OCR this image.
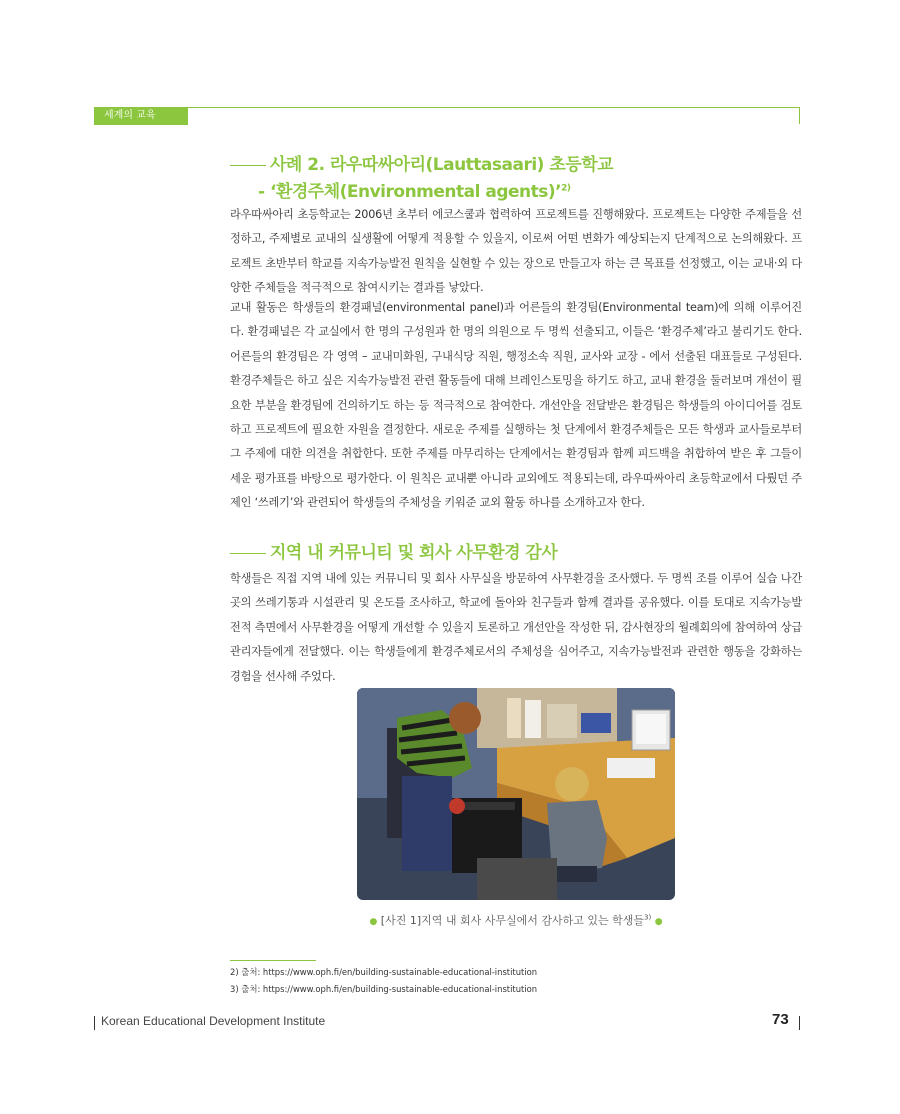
세계의 교육
사례 2. 라우따싸아리(Lauttasaari) 초등학교
- ‘환경주체(Environmental agents)’$^{2)}$
라우따싸아리 초등학교는 2006년 초부터 에코스쿨과 협력하여 프로젝트를 진행해왔다. 프로젝트는 다양한 주제들을 선정하고, 주제별로 교내의 실생활에 어떻게 적용할 수 있을지, 이로써 어떤 변화가 예상되는지 단계적으로 논의해왔다. 프로젝트 초반부터 학교를 지속가능발전 원칙을 실현할 수 있는 장으로 만들고자 하는 큰 목표를 선정했고, 이는 교내·외 다양한 주체들을 적극적으로 참여시키는 결과를 낳았다.
교내 활동은 학생들의 환경패널(environmental panel)과 어른들의 환경팀(Environmental team)에 의해 이루어진다. 환경패널은 각 교실에서 한 명의 구성원과 한 명의 의원으로 두 명씩 선출되고, 이들은 ‘환경주체’라고 불리기도 한다. 어른들의 환경팀은 각 영역 – 교내미화원, 구내식당 직원, 행정소속 직원, 교사와 교장 - 에서 선출된 대표들로 구성된다. 환경주체들은 하고 싶은 지속가능발전 관련 활동들에 대해 브레인스토밍을 하기도 하고, 교내 환경을 둘러보며 개선이 필요한 부분을 환경팀에 건의하기도 하는 등 적극적으로 참여한다. 개선안을 전달받은 환경팀은 학생들의 아이디어를 검토하고 프로젝트에 필요한 자원을 결정한다. 새로운 주제를 실행하는 첫 단계에서 환경주체들은 모든 학생과 교사들로부터 그 주제에 대한 의견을 취합한다. 또한 주제를 마무리하는 단계에서는 환경팀과 함께 피드백을 취합하여 받은 후 그들이 세운 평가표를 바탕으로 평가한다. 이 원칙은 교내뿐 아니라 교외에도 적용되는데, 라우따싸아리 초등학교에서 다뤘던 주제인 ‘쓰레기’와 관련되어 학생들의 주체성을 키워준 교외 활동 하나를 소개하고자 한다.
지역 내 커뮤니티 및 회사 사무환경 감사
학생들은 직접 지역 내에 있는 커뮤니티 및 회사 사무실을 방문하여 사무환경을 조사했다. 두 명씩 조를 이루어 실습 나간 곳의 쓰레기통과 시설관리 및 온도를 조사하고, 학교에 돌아와 친구들과 함께 결과를 공유했다. 이를 토대로 지속가능발전적 측면에서 사무환경을 어떻게 개선할 수 있을지 토론하고 개선안을 작성한 뒤, 감사현장의 월례회의에 참여하여 상급관리자들에게 전달했다. 이는 학생들에게 환경주체로서의 주체성을 심어주고, 지속가능발전과 관련한 행동을 강화하는 경험을 선사해 주었다.
● [사진 1]지역 내 회사 사무실에서 감사하고 있는 학생들$^{3)}$ ●
2) 출처: https://www.oph.fi/en/building-sustainable-educational-institution
3) 출처: https://www.oph.fi/en/building-sustainable-educational-institution
Korean Educational Development Institute	73
